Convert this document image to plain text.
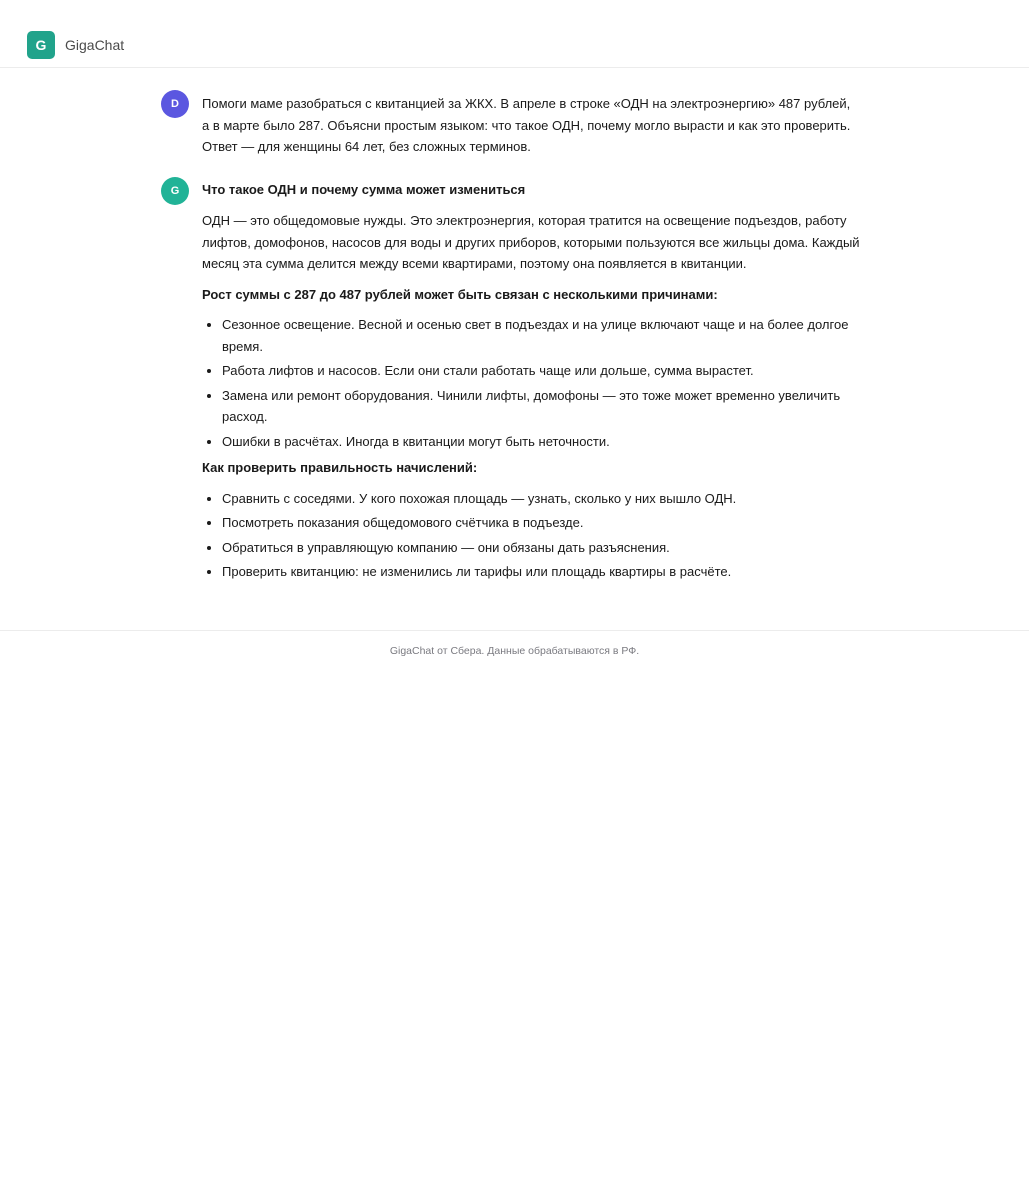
G	GigaChat
D	Помоги маме разобраться с квитанцией за ЖКХ. В апреле в строке «ОДН на электроэнергию» 487 рублей, а в марте было 287. Объясни простым языком: что такое ОДН, почему могло вырасти и как это проверить. Ответ — для женщины 64 лет, без сложных терминов.

G	Что такое ОДН и почему сумма может измениться

ОДН — это общедомовые нужды. Это электроэнергия, которая тратится на освещение подъездов, работу лифтов, домофонов, насосов для воды и других приборов, которыми пользуются все жильцы дома. Каждый месяц эта сумма делится между всеми квартирами, поэтому она появляется в квитанции.

Рост суммы с 287 до 487 рублей может быть связан с несколькими причинами:

• Сезонное освещение. Весной и осенью свет в подъездах и на улице включают чаще и на более долгое время.
• Работа лифтов и насосов. Если они стали работать чаще или дольше, сумма вырастет.
• Замена или ремонт оборудования. Чинили лифты, домофоны — это тоже может временно увеличить расход.
• Ошибки в расчётах. Иногда в квитанции могут быть неточности.

Как проверить правильность начислений:

• Сравнить с соседями. У кого похожая площадь — узнать, сколько у них вышло ОДН.
• Посмотреть показания общедомового счётчика в подъезде.
• Обратиться в управляющую компанию — они обязаны дать разъяснения.
• Проверить квитанцию: не изменились ли тарифы или площадь квартиры в расчёте.
GigaChat от Сбера. Данные обрабатываются в РФ.
